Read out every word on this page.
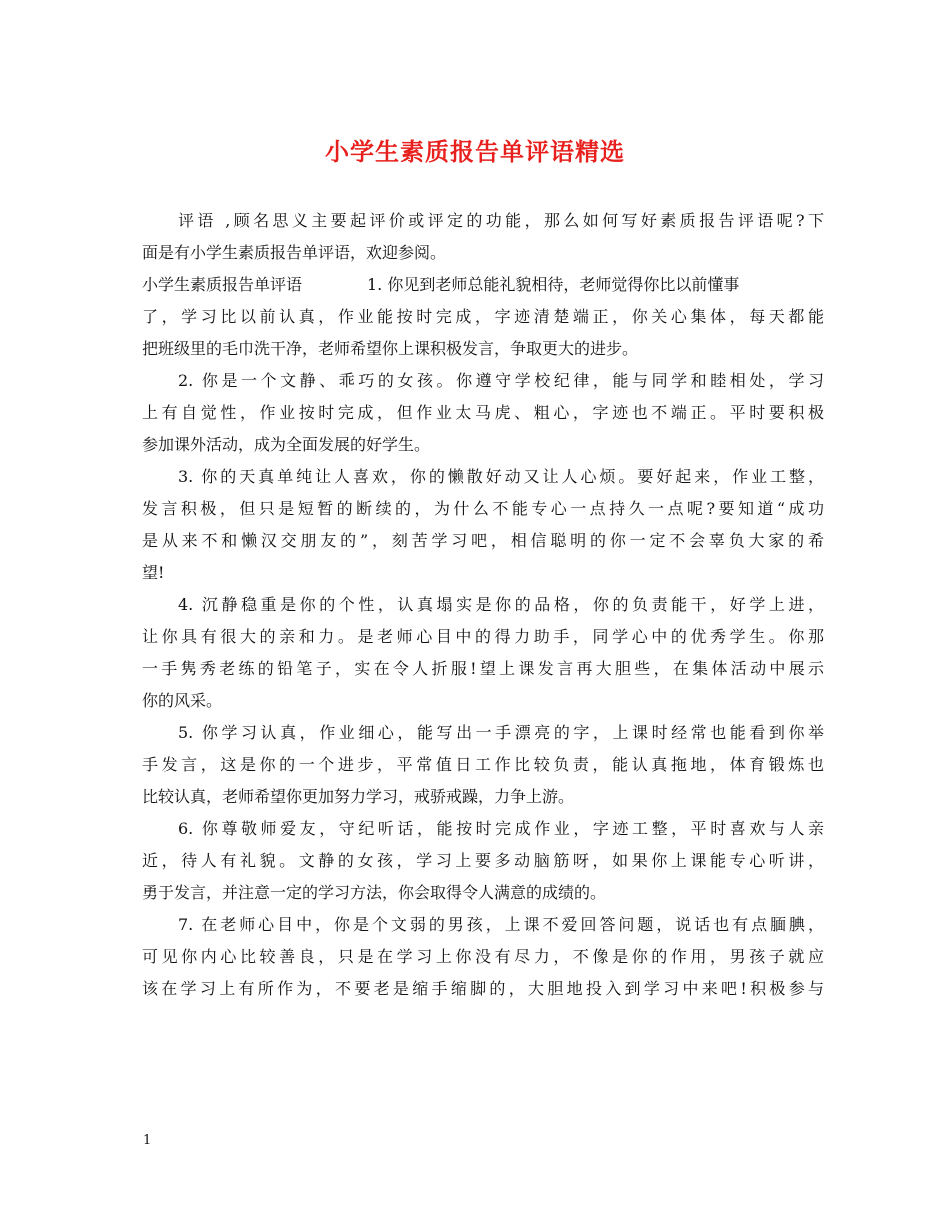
小学生素质报告单评语精选
评语 ,顾名思义主要起评价或评定的功能，那么如何写好素质报告评语呢?下
面是有小学生素质报告单评语，欢迎参阅。
小学生素质报告单评语	1. 你见到老师总能礼貌相待，老师觉得你比以前懂事
了，学习比以前认真，作业能按时完成，字迹清楚端正，你关心集体，每天都能
把班级里的毛巾洗干净，老师希望你上课积极发言，争取更大的进步。
2. 你是一个文静、乖巧的女孩。你遵守学校纪律，能与同学和睦相处，学习
上有自觉性，作业按时完成，但作业太马虎、粗心，字迹也不端正。平时要积极
参加课外活动，成为全面发展的好学生。
3. 你的天真单纯让人喜欢，你的懒散好动又让人心烦。要好起来，作业工整，
发言积极，但只是短暂的断续的，为什么不能专心一点持久一点呢?要知道“成功
是从来不和懒汉交朋友的”，刻苦学习吧，相信聪明的你一定不会辜负大家的希
望!
4. 沉静稳重是你的个性，认真塌实是你的品格，你的负责能干，好学上进，
让你具有很大的亲和力。是老师心目中的得力助手，同学心中的优秀学生。你那
一手隽秀老练的铅笔子，实在令人折服!望上课发言再大胆些，在集体活动中展示
你的风采。
5. 你学习认真，作业细心，能写出一手漂亮的字，上课时经常也能看到你举
手发言，这是你的一个进步，平常值日工作比较负责，能认真拖地，体育锻炼也
比较认真，老师希望你更加努力学习，戒骄戒躁，力争上游。
6. 你尊敬师爱友，守纪听话，能按时完成作业，字迹工整，平时喜欢与人亲
近，待人有礼貌。文静的女孩，学习上要多动脑筋呀，如果你上课能专心听讲，
勇于发言，并注意一定的学习方法，你会取得令人满意的成绩的。
7. 在老师心目中，你是个文弱的男孩，上课不爱回答问题，说话也有点腼腆，
可见你内心比较善良，只是在学习上你没有尽力，不像是你的作用，男孩子就应
该在学习上有所作为，不要老是缩手缩脚的，大胆地投入到学习中来吧!积极参与
1
